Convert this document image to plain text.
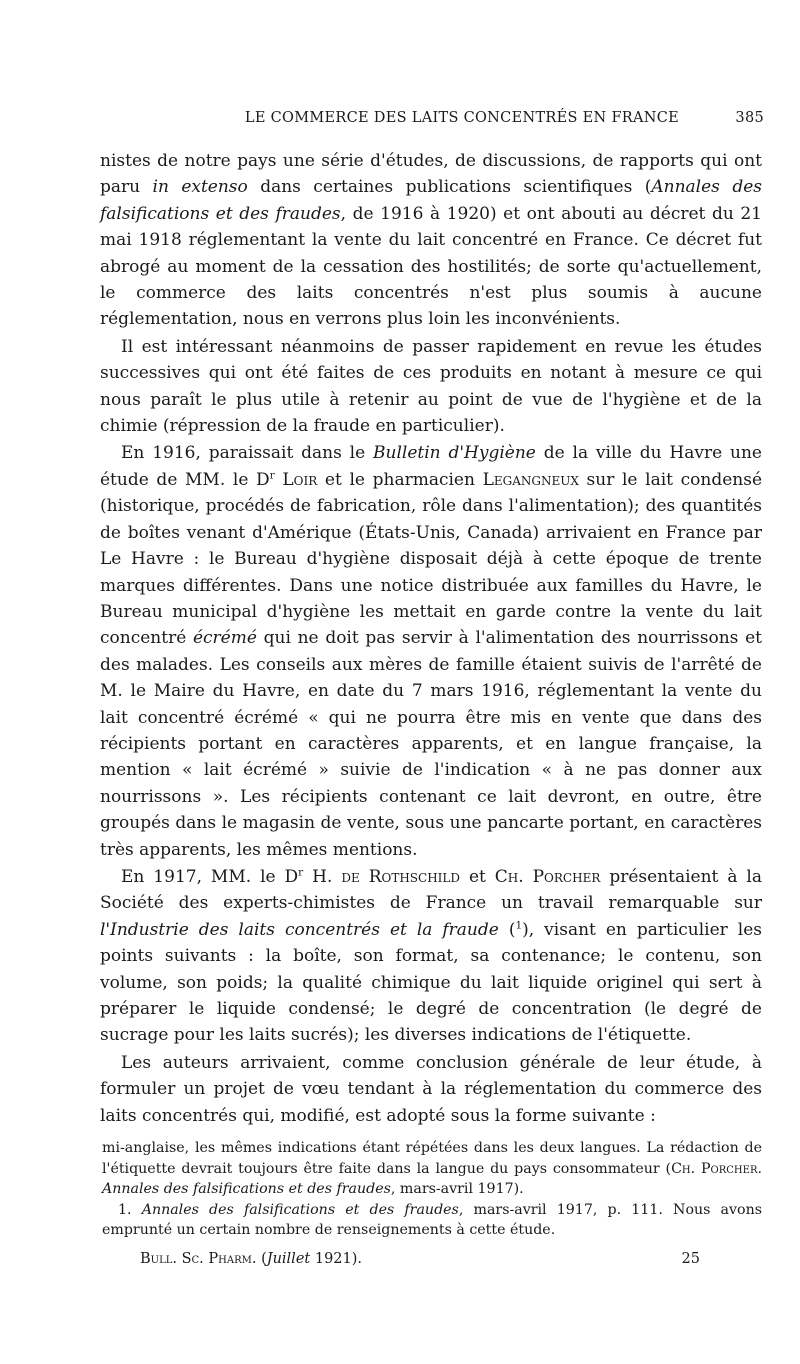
LE COMMERCE DES LAITS CONCENTRÉS EN FRANCE	385

nistes de notre pays une série d'études, de discussions, de rapports qui ont paru in extenso dans certaines publications scientifiques (Annales des falsifications et des fraudes, de 1916 à 1920) et ont abouti au décret du 21 mai 1918 réglementant la vente du lait concentré en France. Ce décret fut abrogé au moment de la cessation des hostilités; de sorte qu'actuellement, le commerce des laits concentrés n'est plus soumis à aucune réglementation, nous en verrons plus loin les inconvénients.

Il est intéressant néanmoins de passer rapidement en revue les études successives qui ont été faites de ces produits en notant à mesure ce qui nous paraît le plus utile à retenir au point de vue de l'hygiène et de la chimie (répression de la fraude en particulier).

En 1916, paraissait dans le Bulletin d'Hygiène de la ville du Havre une étude de MM. le $D^r$ Loir et le pharmacien Legangneux sur le lait condensé (historique, procédés de fabrication, rôle dans l'alimentation); des quantités de boîtes venant d'Amérique (États-Unis, Canada) arrivaient en France par Le Havre : le Bureau d'hygiène disposait déjà à cette époque de trente marques différentes. Dans une notice distribuée aux familles du Havre, le Bureau municipal d'hygiène les mettait en garde contre la vente du lait concentré écrémé qui ne doit pas servir à l'alimentation des nourrissons et des malades. Les conseils aux mères de famille étaient suivis de l'arrêté de M. le Maire du Havre, en date du 7 mars 1916, réglementant la vente du lait concentré écrémé « qui ne pourra être mis en vente que dans des récipients portant en caractères apparents, et en langue française, la mention « lait écrémé » suivie de l'indication « à ne pas donner aux nourrissons ». Les récipients contenant ce lait devront, en outre, être groupés dans le magasin de vente, sous une pancarte portant, en caractères très apparents, les mêmes mentions.

En 1917, MM. le $D^r$ H. de Rothschild et Ch. Porcher présentaient à la Société des experts-chimistes de France un travail remarquable sur l'Industrie des laits concentrés et la fraude ($^1$), visant en particulier les points suivants : la boîte, son format, sa contenance; le contenu, son volume, son poids; la qualité chimique du lait liquide originel qui sert à préparer le liquide condensé; le degré de concentration (le degré de sucrage pour les laits sucrés); les diverses indications de l'étiquette.

Les auteurs arrivaient, comme conclusion générale de leur étude, à formuler un projet de vœu tendant à la réglementation du commerce des laits concentrés qui, modifié, est adopté sous la forme suivante :

mi-anglaise, les mêmes indications étant répétées dans les deux langues. La rédaction de l'étiquette devrait toujours être faite dans la langue du pays consommateur (Ch. Porcher. Annales des falsifications et des fraudes, mars-avril 1917).

1. Annales des falsifications et des fraudes, mars-avril 1917, p. 111. Nous avons emprunté un certain nombre de renseignements à cette étude.

Bull. Sc. Pharm. (Juillet 1921).	25
